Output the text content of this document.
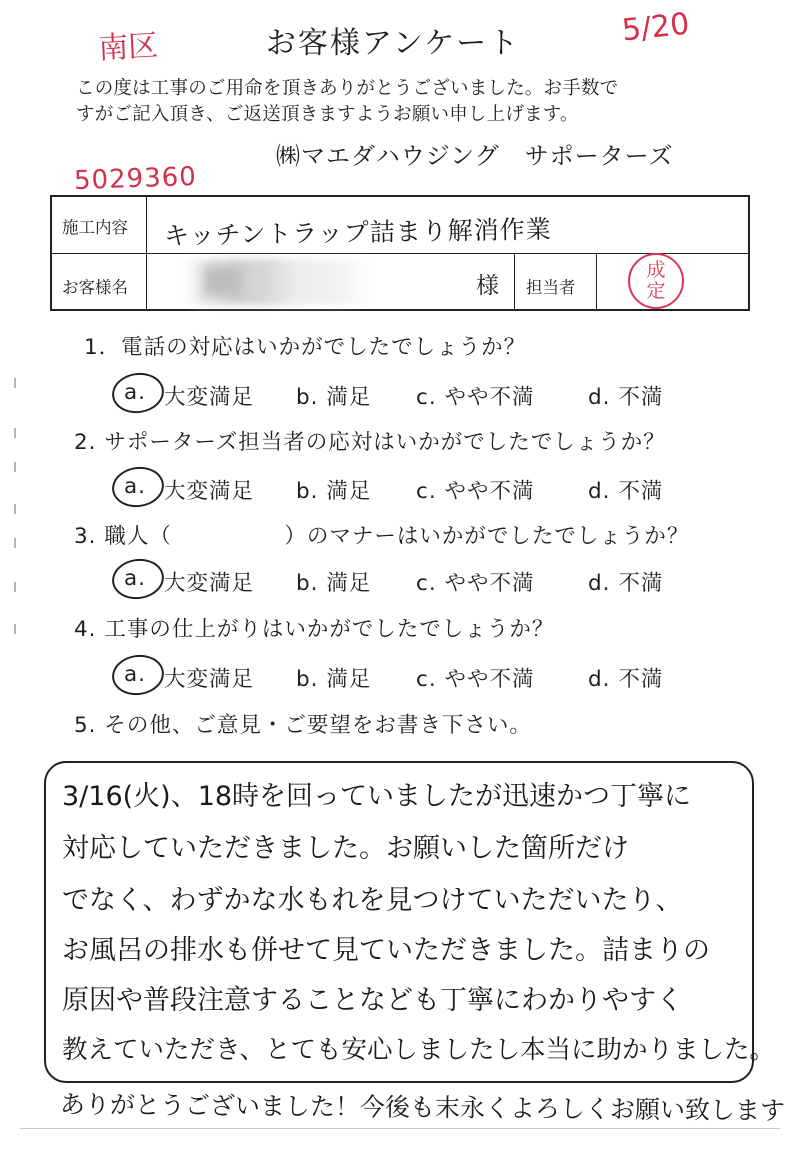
お客様アンケート
南区	5/20
この度は工事のご用命を頂きありがとうございました。お手数で
すがご記入頂き、ご返送頂きますようお願い申し上げます。
㈱マエダハウジング　サポーターズ
5029360
施工内容 キッチントラップ詰まり解消作業
お客様名	様 担当者
成
定
1．電話の対応はいかがでしたでしょうか？
a. 大変満足 b. 満足 c. やや不満 d. 不満
2. サポーターズ担当者の応対はいかがでしたでしょうか？
a. 大変満足 b. 満足 c. やや不満 d. 不満
3. 職人（　　　　　）のマナーはいかがでしたでしょうか？
a. 大変満足 b. 満足 c. やや不満 d. 不満
4. 工事の仕上がりはいかがでしたでしょうか？
a. 大変満足 b. 満足 c. やや不満 d. 不満
5. その他、ご意見・ご要望をお書き下さい。
3/16(火)、18時を回っていましたが迅速かつ丁寧に
対応していただきました。お願いした箇所だけ
でなく、わずかな水もれを見つけていただいたり、
お風呂の排水も併せて見ていただきました。詰まりの
原因や普段注意することなども丁寧にわかりやすく
教えていただき、とても安心しましたし本当に助かりました。
ありがとうございました！今後も末永くよろしくお願い致します
